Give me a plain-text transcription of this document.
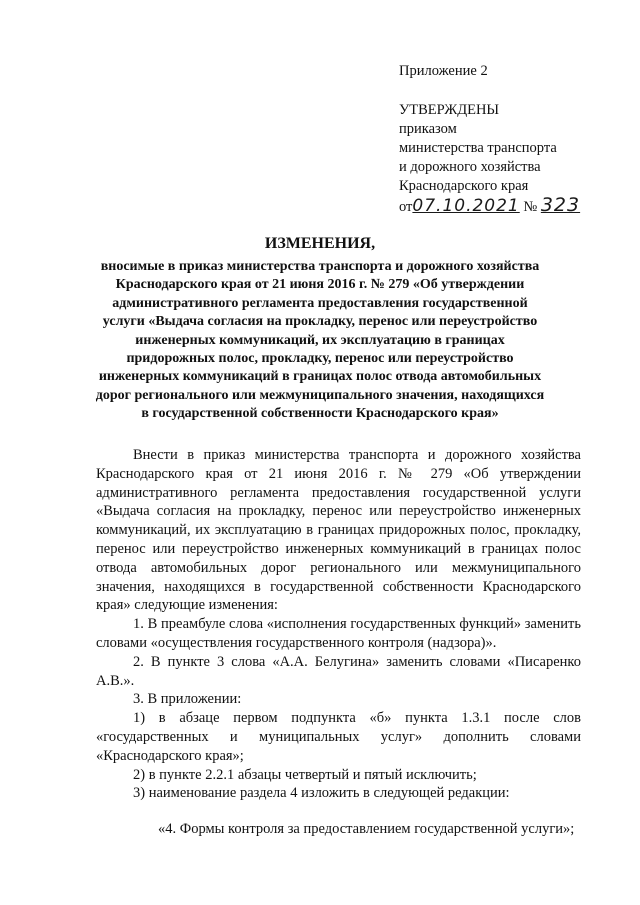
Приложение 2
УТВЕРЖДЕНЫ
приказом
министерства транспорта
и дорожного хозяйства
Краснодарского края
от07.10.2021 № 323
ИЗМЕНЕНИЯ,
вносимые в приказ министерства транспорта и дорожного хозяйства Краснодарского края от 21 июня 2016 г. № 279 «Об утверждении административного регламента предоставления государственной услуги «Выдача согласия на прокладку, перенос или переустройство инженерных коммуникаций, их эксплуатацию в границах придорожных полос, прокладку, перенос или переустройство инженерных коммуникаций в границах полос отвода автомобильных дорог регионального или межмуниципального значения, находящихся в государственной собственности Краснодарского края»

Внести в приказ министерства транспорта и дорожного хозяйства Краснодарского края от 21 июня 2016 г. № 279 «Об утверждении административного регламента предоставления государственной услуги «Выдача согласия на прокладку, перенос или переустройство инженерных коммуникаций, их эксплуатацию в границах придорожных полос, прокладку, перенос или переустройство инженерных коммуникаций в границах полос отвода автомобильных дорог регионального или межмуниципального значения, находящихся в государственной собственности Краснодарского края» следующие изменения:

1. В преамбуле слова «исполнения государственных функций» заменить словами «осуществления государственного контроля (надзора)».

2. В пункте 3 слова «А.А. Белугина» заменить словами «Писаренко А.В.».

3. В приложении:

1) в абзаце первом подпункта «б» пункта 1.3.1 после слов «государственных и муниципальных услуг» дополнить словами «Краснодарского края»;

2) в пункте 2.2.1 абзацы четвертый и пятый исключить;

3) наименование раздела 4 изложить в следующей редакции:

«4. Формы контроля за предоставлением государственной услуги»;
